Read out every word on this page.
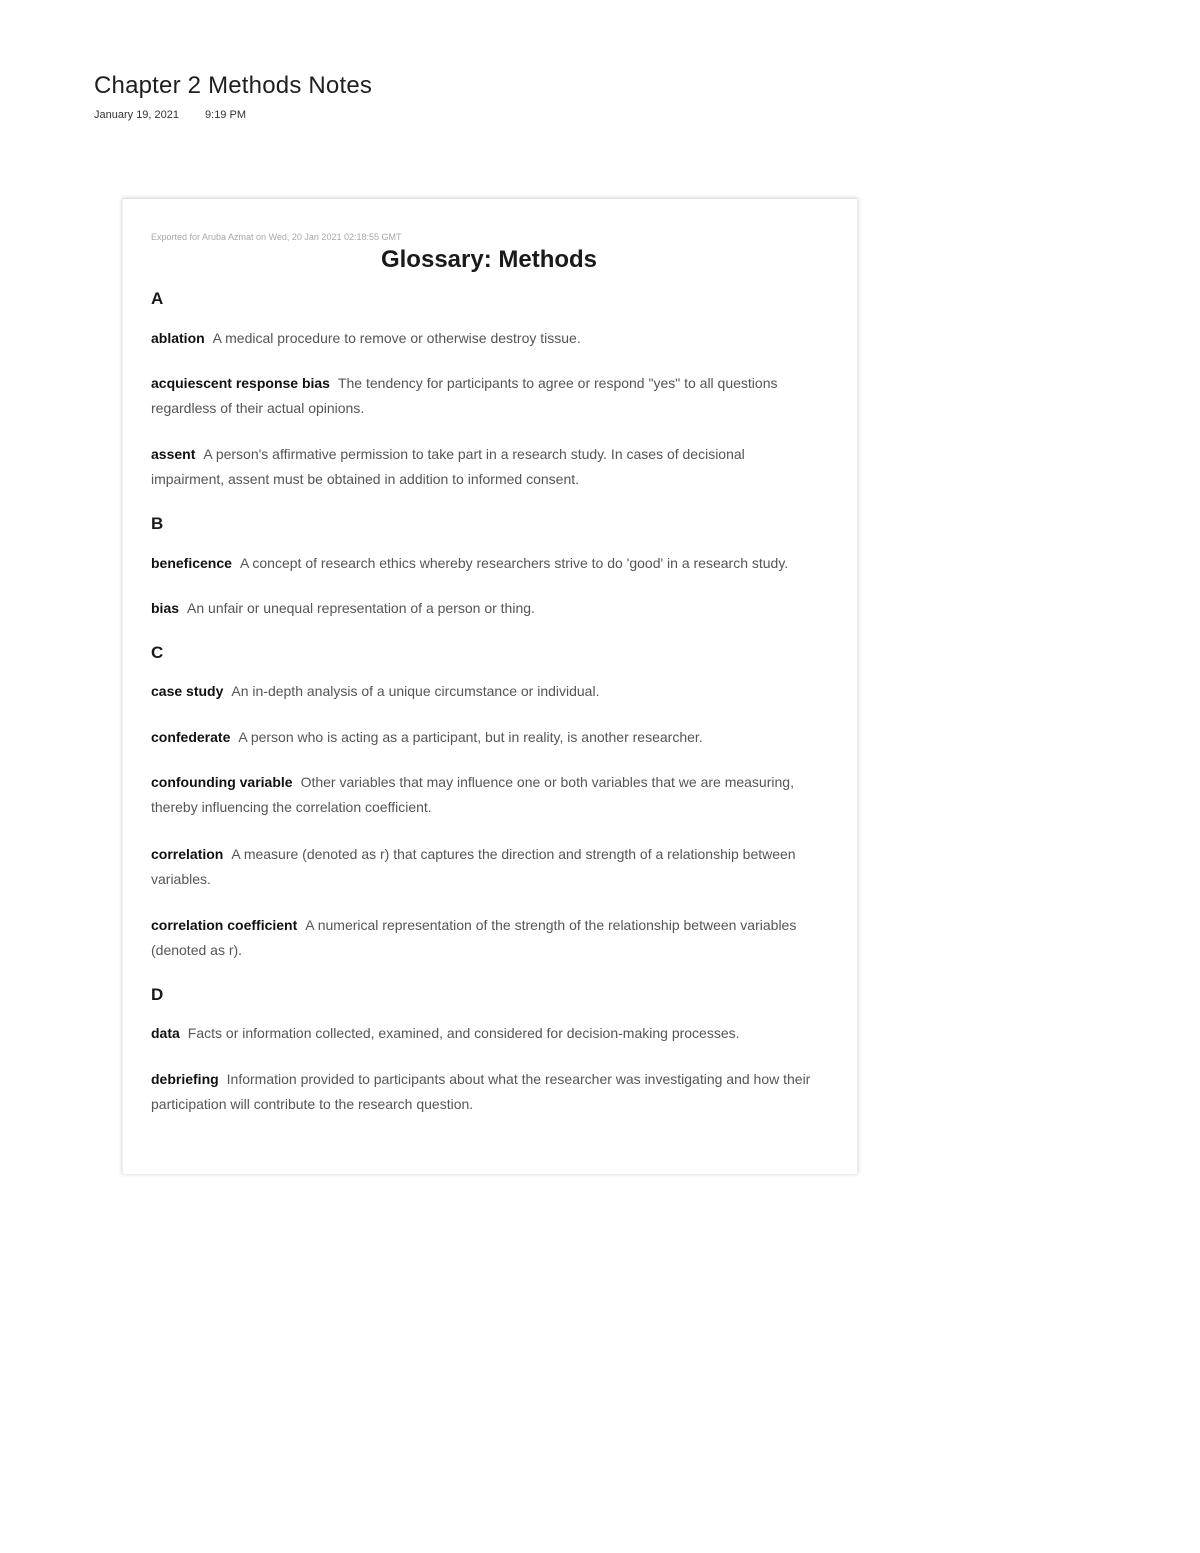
Chapter 2 Methods Notes
January 19, 2021 9:19 PM

Exported for Aruba Azmat on Wed, 20 Jan 2021 02:18:55 GMT

Glossary: Methods
A

ablation A medical procedure to remove or otherwise destroy tissue.

acquiescent response bias The tendency for participants to agree or respond "yes" to all questions regardless of their actual opinions.

assent A person's affirmative permission to take part in a research study. In cases of decisional impairment, assent must be obtained in addition to informed consent.

B

beneficence A concept of research ethics whereby researchers strive to do 'good' in a research study.

bias An unfair or unequal representation of a person or thing.

C

case study An in-depth analysis of a unique circumstance or individual.

confederate A person who is acting as a participant, but in reality, is another researcher.

confounding variable Other variables that may influence one or both variables that we are measuring, thereby influencing the correlation coefficient.

correlation A measure (denoted as r) that captures the direction and strength of a relationship between variables.

correlation coefficient A numerical representation of the strength of the relationship between variables (denoted as r).

D

data Facts or information collected, examined, and considered for decision-making processes.

debriefing Information provided to participants about what the researcher was investigating and how their participation will contribute to the research question.
